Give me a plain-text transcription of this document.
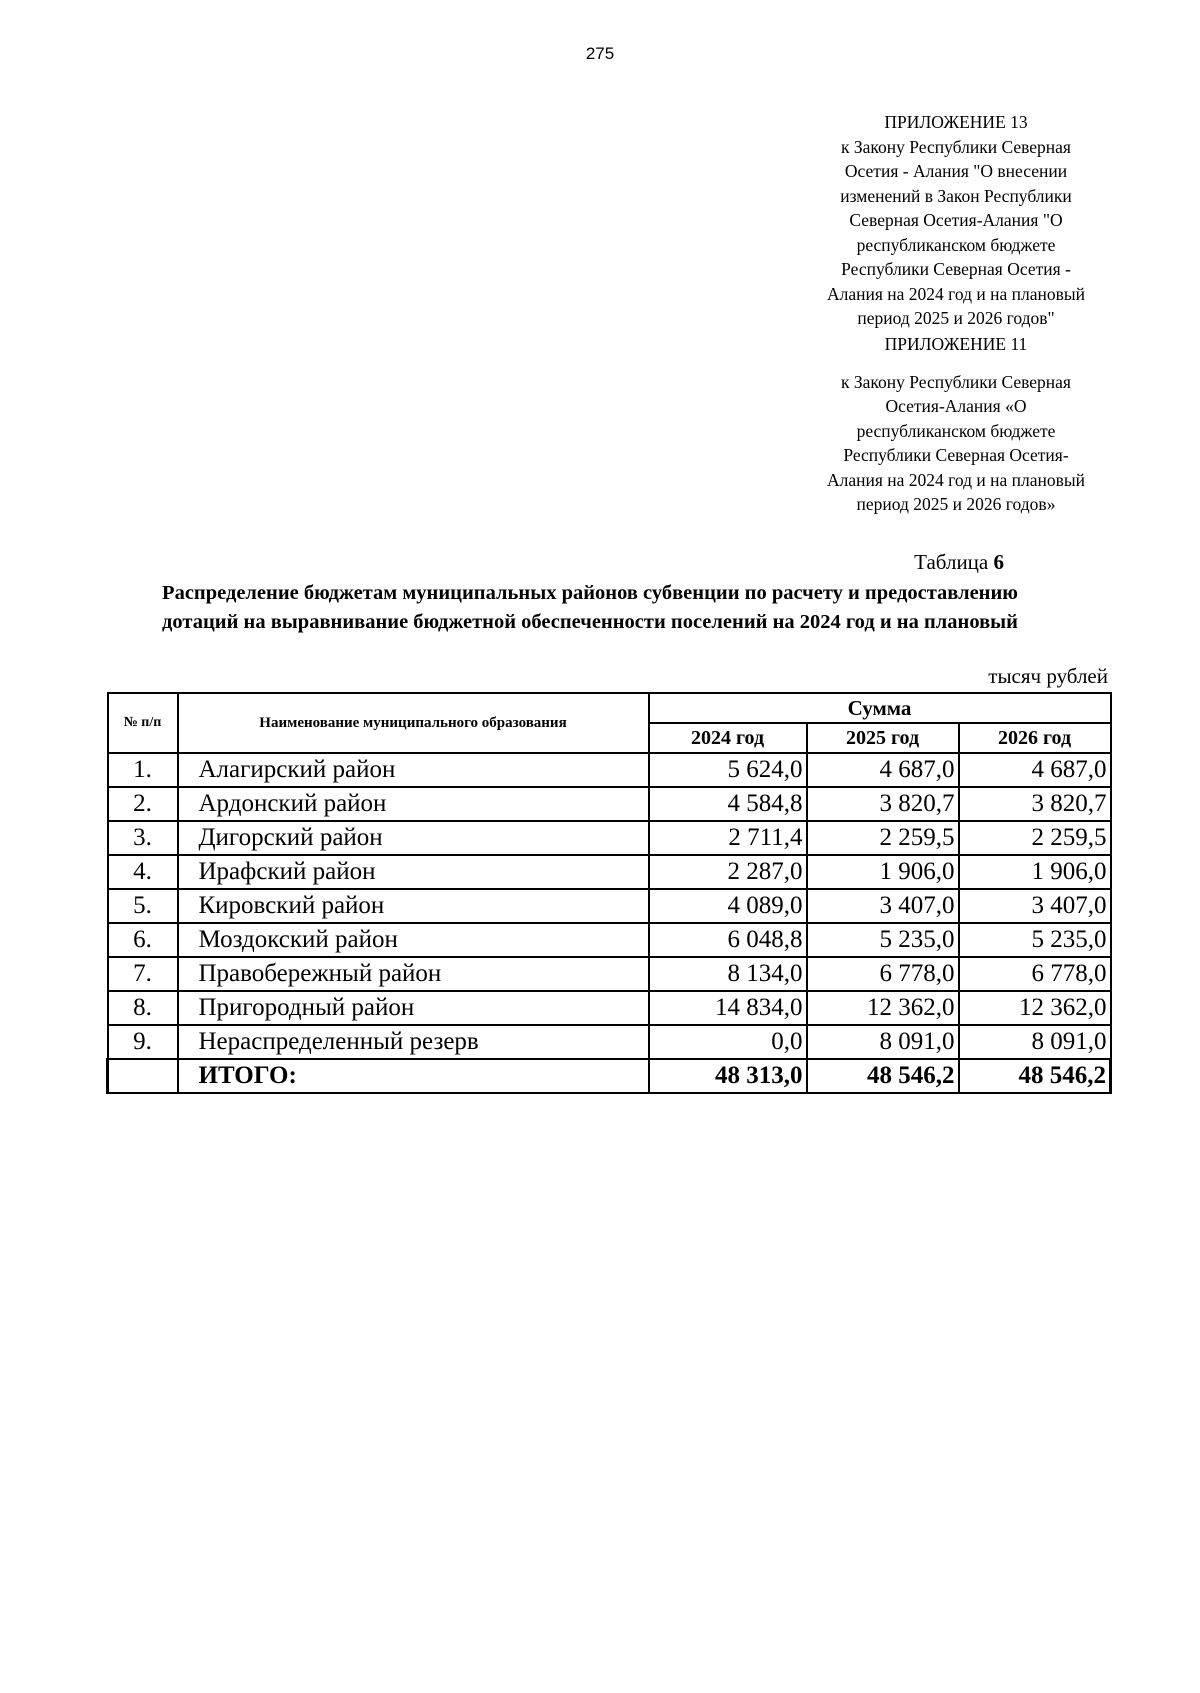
275
ПРИЛОЖЕНИЕ 13
к Закону Республики Северная
Осетия - Алания "О внесении
изменений в Закон Республики
Северная Осетия-Алания "О
республиканском бюджете
Республики Северная Осетия -
Алания на 2024 год и на плановый
период 2025 и 2026 годов"
ПРИЛОЖЕНИЕ 11
к Закону Республики Северная
Осетия-Алания «О
республиканском бюджете
Республики Северная Осетия-
Алания на 2024 год и на плановый
период 2025 и 2026 годов»
Таблица 6
Распределение бюджетам муниципальных районов субвенции по расчету и предоставлению
дотаций на выравнивание бюджетной обеспеченности поселений на 2024 год и на плановый
тысяч рублей
№ п/п	Наименование муниципального образования	Сумма		
		2024 год	2025 год	2026 год
1.	Алагирский район	5 624,0	4 687,0	4 687,0
2.	Ардонский район	4 584,8	3 820,7	3 820,7
3.	Дигорский район	2 711,4	2 259,5	2 259,5
4.	Ирафский район	2 287,0	1 906,0	1 906,0
5.	Кировский район	4 089,0	3 407,0	3 407,0
6.	Моздокский район	6 048,8	5 235,0	5 235,0
7.	Правобережный район	8 134,0	6 778,0	6 778,0
8.	Пригородный район	14 834,0	12 362,0	12 362,0
9.	Нераспределенный резерв	0,0	8 091,0	8 091,0
	ИТОГО:	48 313,0	48 546,2	48 546,2
